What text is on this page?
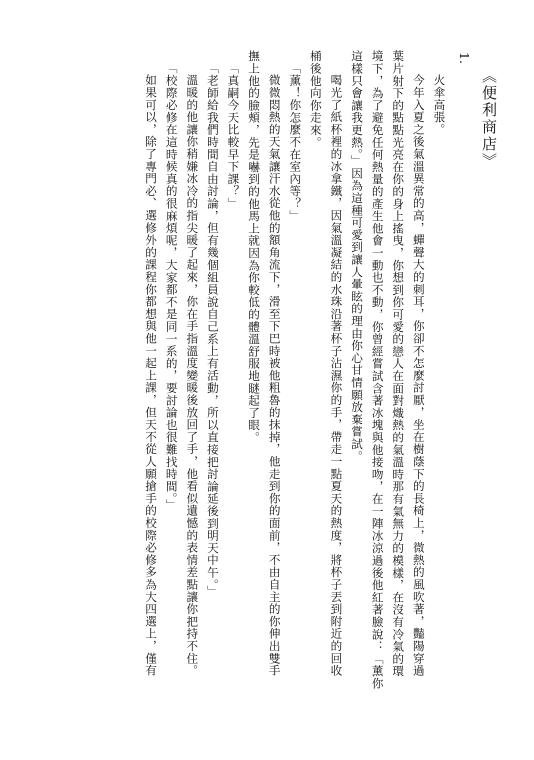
《便利商店》
1.
火傘高張。
今年入夏之後氣溫異常的高，蟬聲大的刺耳，你卻不怎麼討厭，坐在樹蔭下的長椅上，微熱的風吹著，豔陽穿過
葉片射下的點點光亮在你的身上搖曳，你想到你可愛的戀人在面對熾熱的氣溫時那有氣無力的模樣，在沒有冷氣的環
境下，為了避免任何熱量的產生他會一動也不動，你曾經嘗試含著冰塊與他接吻，在一陣冰涼過後他紅著臉說：「薰你
這樣只會讓我更熱。」因為這種可愛到讓人暈眩的理由你心甘情願放棄嘗試。
喝光了紙杯裡的冰拿鐵，因氣溫凝結的水珠沿著杯子沾濕你的手，帶走一點夏天的熱度，將杯子丟到附近的回收
桶後他向你走來。
「薰！你怎麼不在室內等？」
微微悶熱的天氣讓汗水從他的額角流下，滑至下巴時被他粗魯的抹掉，他走到你的面前，不由自主的你伸出雙手
撫上他的臉頰，先是嚇到的他馬上就因為你較低的體溫舒服地瞇起了眼。
「真嗣今天比較早下課？」
「老師給我們時間自由討論，但有幾個組員說自己系上有活動，所以直接把討論延後到明天中午。」
溫暖的他讓你稍嫌冰冷的指尖暖了起來，你在手指溫度變暖後放回了手，他看似遺憾的表情差點讓你把持不住。
「校際必修在這時候真的很麻煩呢，大家都不是同一系的，要討論也很難找時間。」
如果可以，除了專門必、選修外的課程你都想與他一起上課，但天不從人願搶手的校際必修多為大四選上，僅有
